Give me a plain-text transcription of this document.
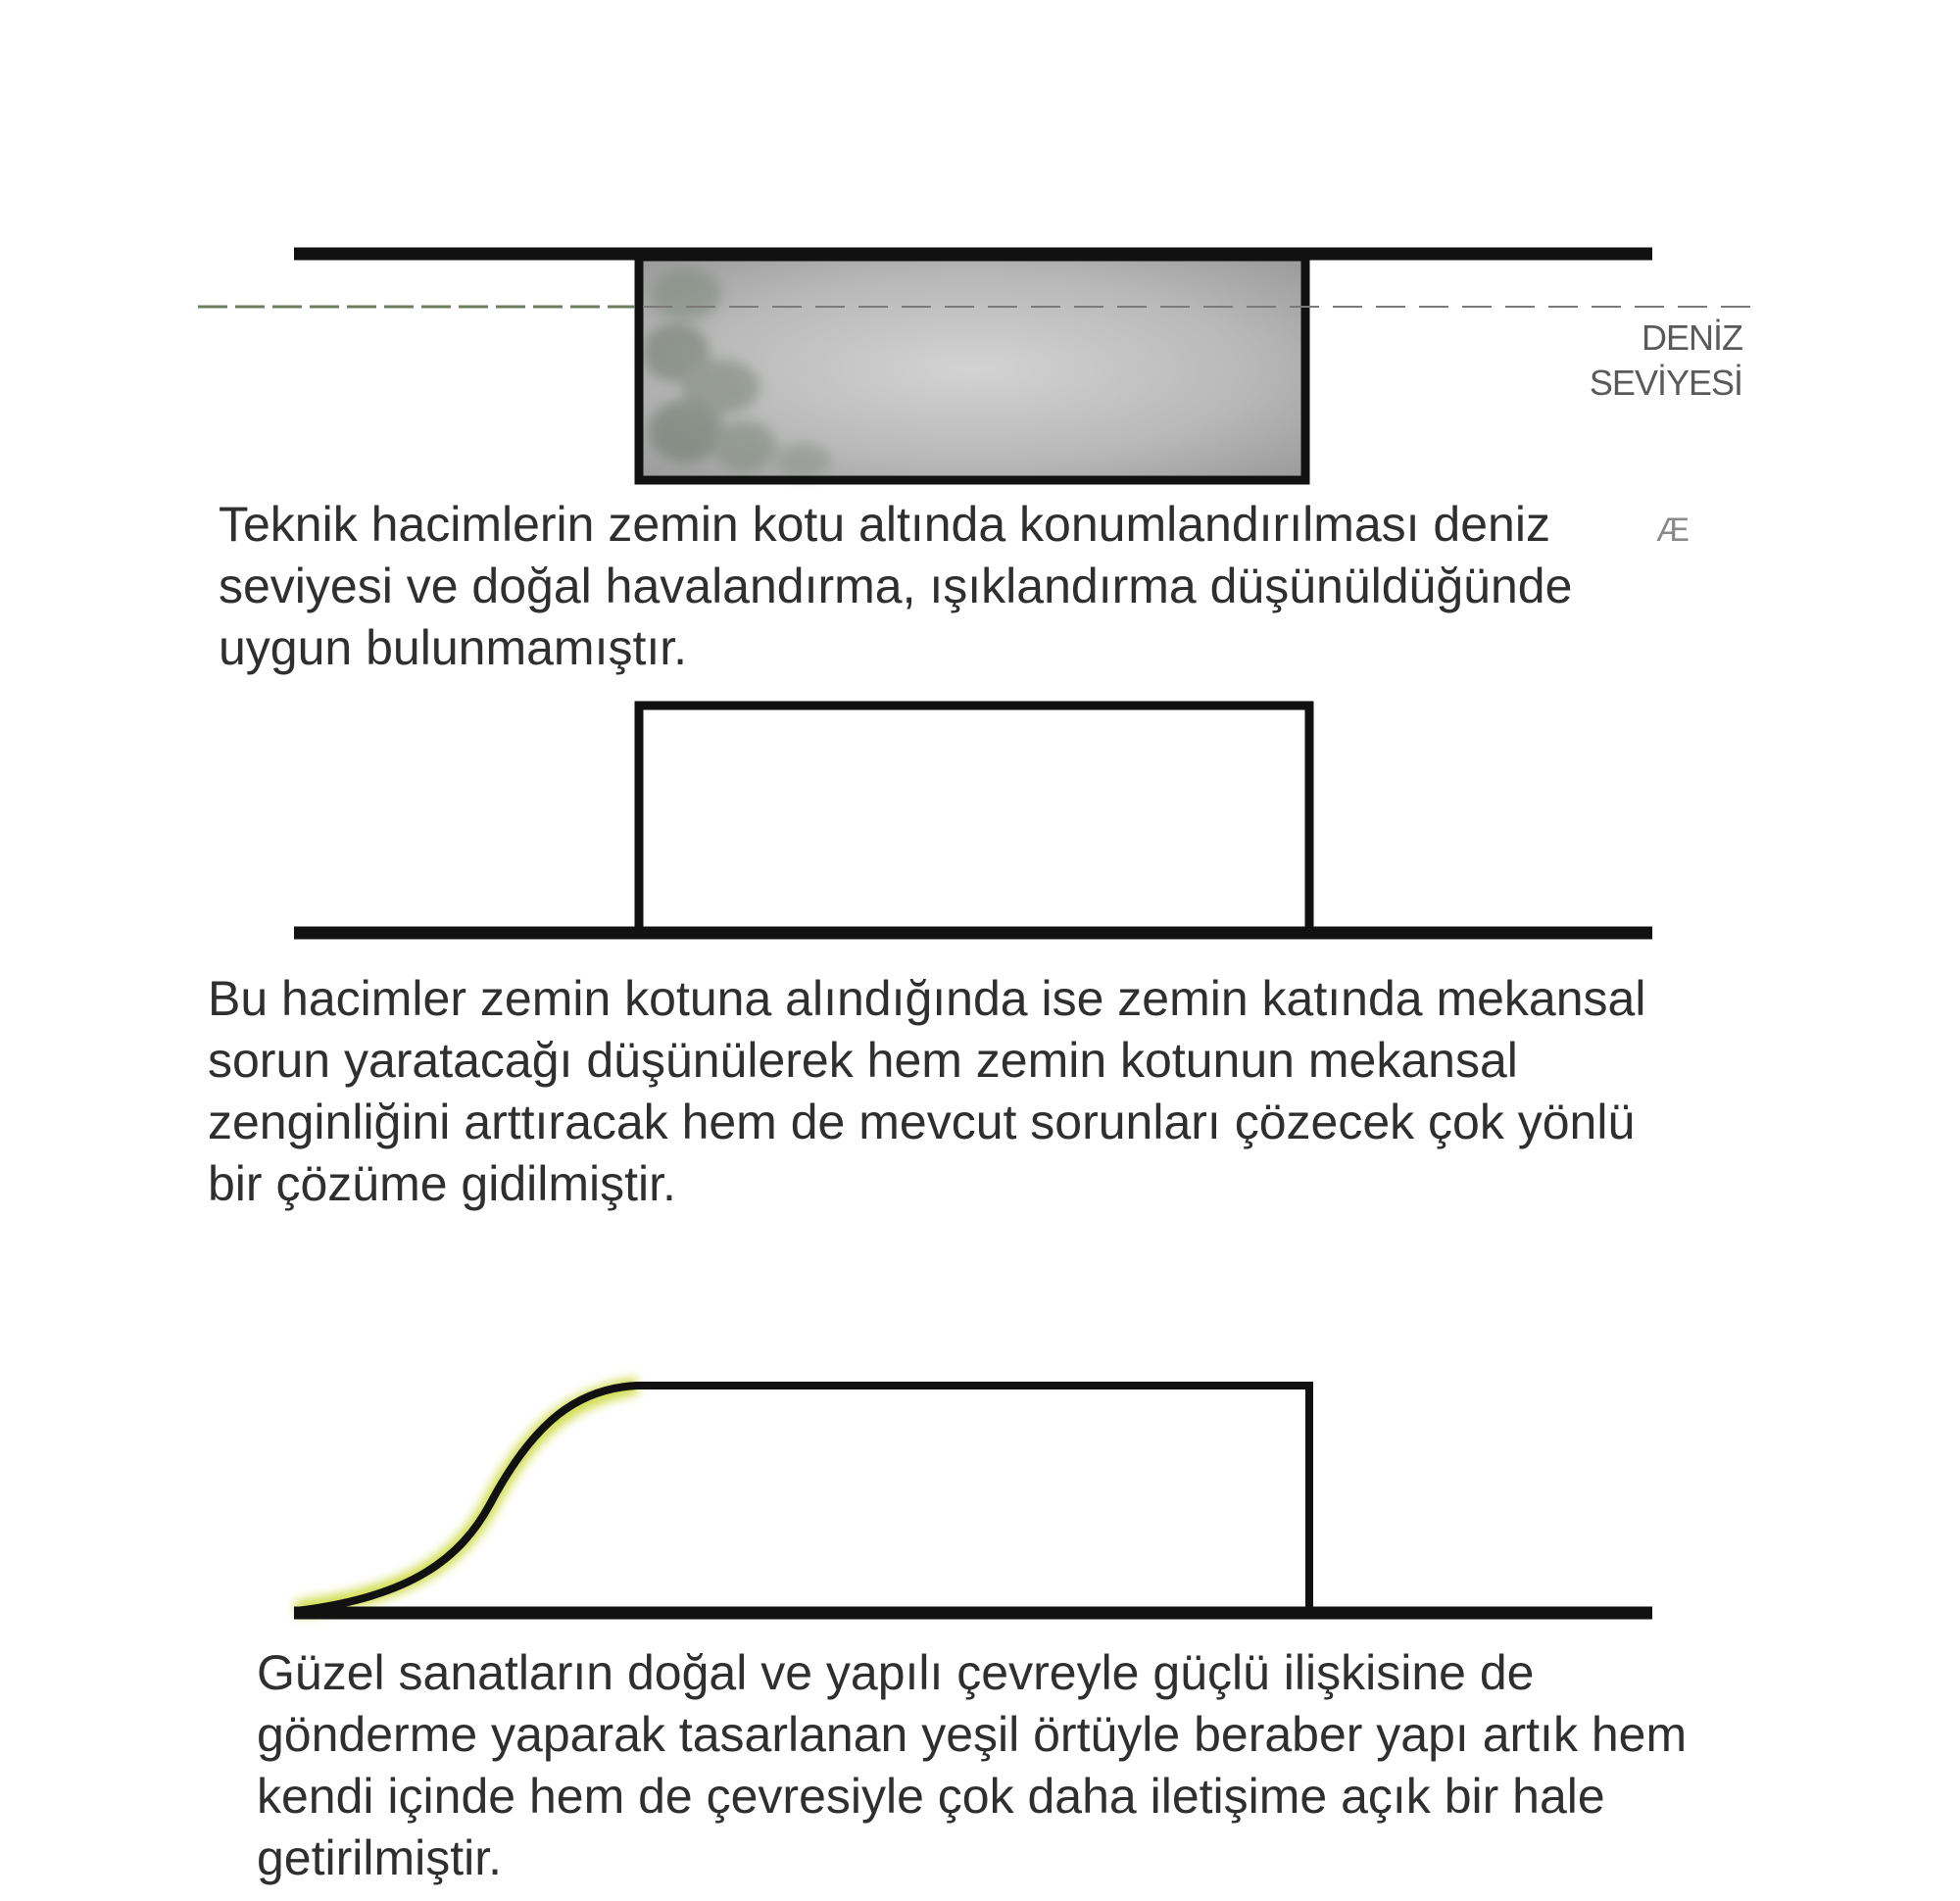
DENİZ
SEVİYESİ
Æ

Teknik hacimlerin zemin kotu altında konumlandırılması deniz
seviyesi ve doğal havalandırma, ışıklandırma düşünüldüğünde
uygun bulunmamıştır.

Bu hacimler zemin kotuna alındığında ise zemin katında mekansal
sorun yaratacağı düşünülerek hem zemin kotunun mekansal
zenginliğini arttıracak hem de mevcut sorunları çözecek çok yönlü
bir çözüme gidilmiştir.

Güzel sanatların doğal ve yapılı çevreyle güçlü ilişkisine de
gönderme yaparak tasarlanan yeşil örtüyle beraber yapı artık hem
kendi içinde hem de çevresiyle çok daha iletişime açık bir hale
getirilmiştir.
